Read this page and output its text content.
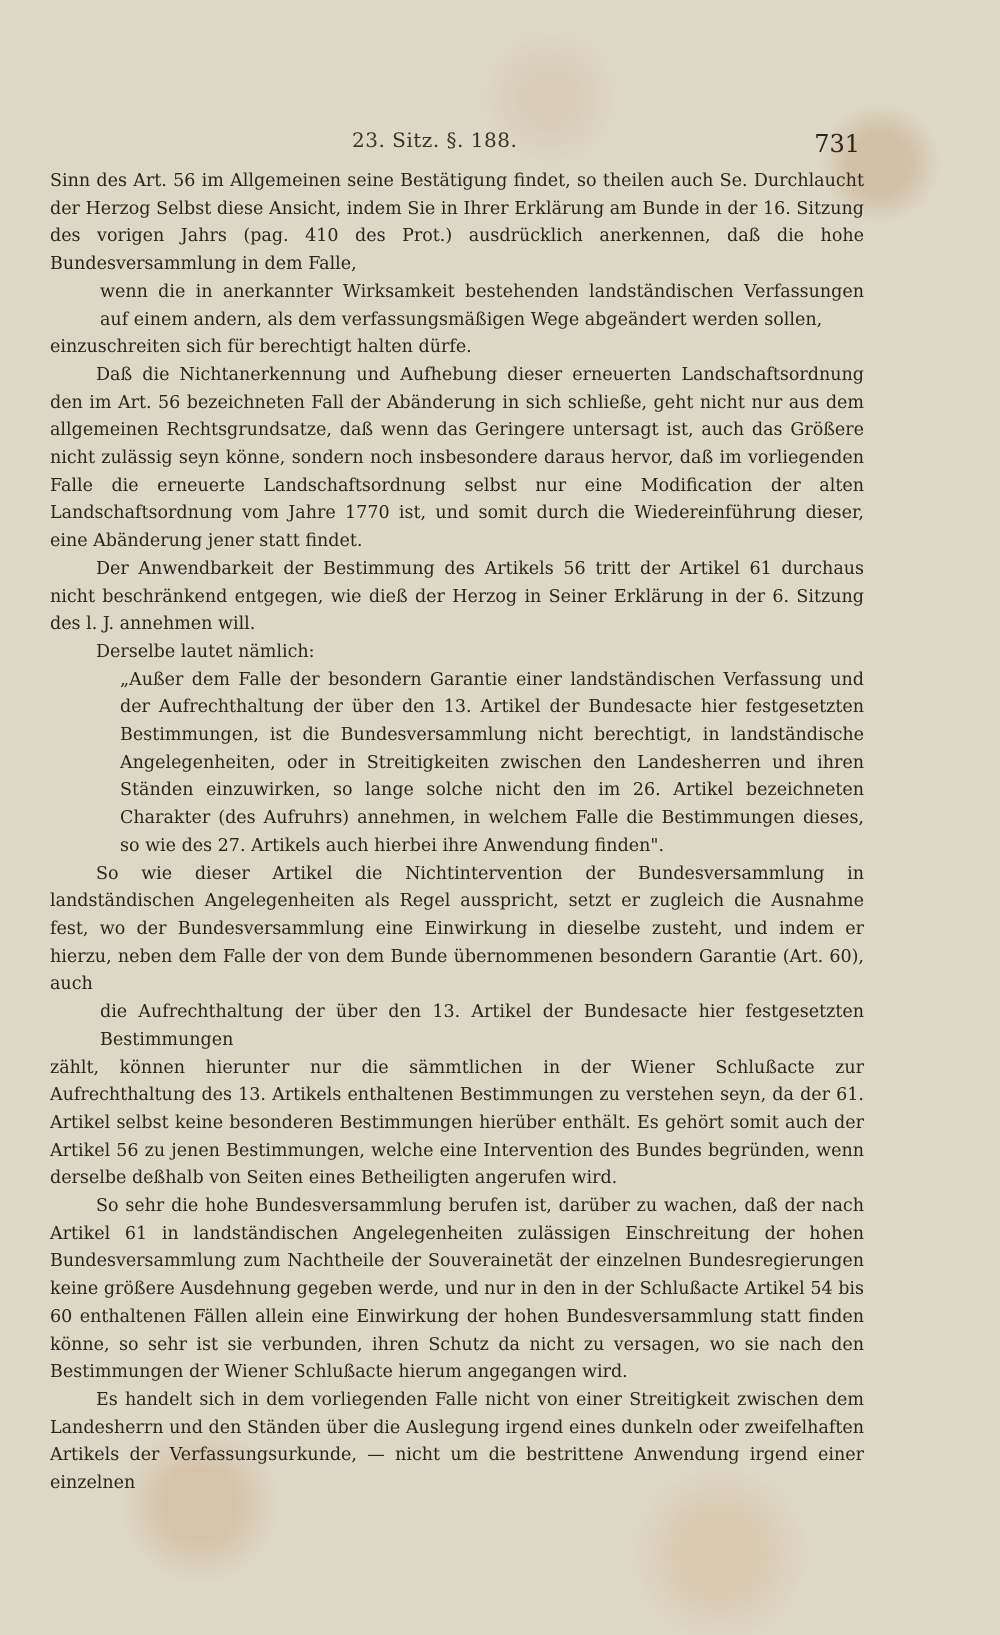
23. Sitz. §. 188.	731

Sinn des Art. 56 im Allgemeinen seine Bestätigung findet, so theilen auch Se. Durchlaucht der Herzog Selbst diese Ansicht, indem Sie in Ihrer Erklärung am Bunde in der 16. Sitzung des vorigen Jahrs (pag. 410 des Prot.) ausdrücklich anerkennen, daß die hohe Bundesversammlung in dem Falle,

wenn die in anerkannter Wirksamkeit bestehenden landständischen Verfassungen auf einem andern, als dem verfassungsmäßigen Wege abgeändert werden sollen,

einzuschreiten sich für berechtigt halten dürfe.

Daß die Nichtanerkennung und Aufhebung dieser erneuerten Landschaftsordnung den im Art. 56 bezeichneten Fall der Abänderung in sich schließe, geht nicht nur aus dem allgemeinen Rechtsgrundsatze, daß wenn das Geringere untersagt ist, auch das Größere nicht zulässig seyn könne, sondern noch insbesondere daraus hervor, daß im vorliegenden Falle die erneuerte Landschaftsordnung selbst nur eine Modification der alten Landschaftsordnung vom Jahre 1770 ist, und somit durch die Wiedereinführung dieser, eine Abänderung jener statt findet.

Der Anwendbarkeit der Bestimmung des Artikels 56 tritt der Artikel 61 durchaus nicht beschränkend entgegen, wie dieß der Herzog in Seiner Erklärung in der 6. Sitzung des l. J. annehmen will.

Derselbe lautet nämlich:

„Außer dem Falle der besondern Garantie einer landständischen Verfassung und der Aufrechthaltung der über den 13. Artikel der Bundesacte hier festgesetzten Bestimmungen, ist die Bundesversammlung nicht berechtigt, in landständische Angelegenheiten, oder in Streitigkeiten zwischen den Landesherren und ihren Ständen einzuwirken, so lange solche nicht den im 26. Artikel bezeichneten Charakter (des Aufruhrs) annehmen, in welchem Falle die Bestimmungen dieses, so wie des 27. Artikels auch hierbei ihre Anwendung finden".

So wie dieser Artikel die Nichtintervention der Bundesversammlung in landständischen Angelegenheiten als Regel ausspricht, setzt er zugleich die Ausnahme fest, wo der Bundesversammlung eine Einwirkung in dieselbe zusteht, und indem er hierzu, neben dem Falle der von dem Bunde übernommenen besondern Garantie (Art. 60), auch

die Aufrechthaltung der über den 13. Artikel der Bundesacte hier festgesetzten Bestimmungen

zählt, können hierunter nur die sämmtlichen in der Wiener Schlußacte zur Aufrechthaltung des 13. Artikels enthaltenen Bestimmungen zu verstehen seyn, da der 61. Artikel selbst keine besonderen Bestimmungen hierüber enthält. Es gehört somit auch der Artikel 56 zu jenen Bestimmungen, welche eine Intervention des Bundes begründen, wenn derselbe deßhalb von Seiten eines Betheiligten angerufen wird.

So sehr die hohe Bundesversammlung berufen ist, darüber zu wachen, daß der nach Artikel 61 in landständischen Angelegenheiten zulässigen Einschreitung der hohen Bundesversammlung zum Nachtheile der Souverainetät der einzelnen Bundesregierungen keine größere Ausdehnung gegeben werde, und nur in den in der Schlußacte Artikel 54 bis 60 enthaltenen Fällen allein eine Einwirkung der hohen Bundesversammlung statt finden könne, so sehr ist sie verbunden, ihren Schutz da nicht zu versagen, wo sie nach den Bestimmungen der Wiener Schlußacte hierum angegangen wird.

Es handelt sich in dem vorliegenden Falle nicht von einer Streitigkeit zwischen dem Landesherrn und den Ständen über die Auslegung irgend eines dunkeln oder zweifelhaften Artikels der Verfassungsurkunde, — nicht um die bestrittene Anwendung irgend einer einzelnen
